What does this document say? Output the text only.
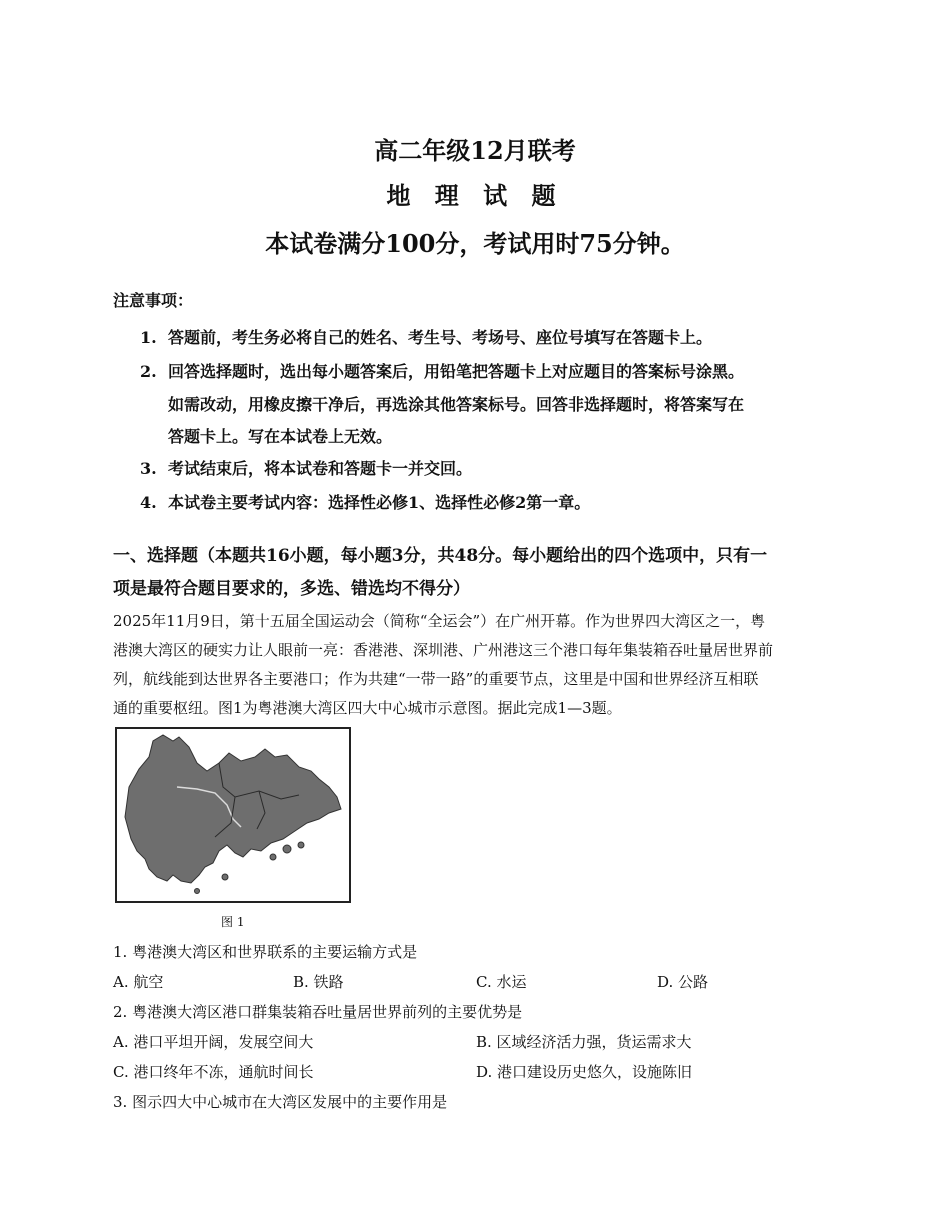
高二年级12月联考
地 理 试 题
本试卷满分100分，考试用时75分钟。
注意事项：
1. 答题前，考生务必将自己的姓名、考生号、考场号、座位号填写在答题卡上。
2. 回答选择题时，选出每小题答案后，用铅笔把答题卡上对应题目的答案标号涂黑。
如需改动，用橡皮擦干净后，再选涂其他答案标号。回答非选择题时，将答案写在
答题卡上。写在本试卷上无效。
3. 考试结束后，将本试卷和答题卡一并交回。
4. 本试卷主要考试内容：选择性必修1、选择性必修2第一章。
一、选择题（本题共16小题，每小题3分，共48分。每小题给出的四个选项中，只有一
项是最符合题目要求的，多选、错选均不得分）
2025年11月9日，第十五届全国运动会（简称“全运会”）在广州开幕。作为世界四大湾区之一，粤
港澳大湾区的硬实力让人眼前一亮：香港港、深圳港、广州港这三个港口每年集装箱吞吐量居世界前
列，航线能到达世界各主要港口；作为共建“一带一路”的重要节点，这里是中国和世界经济互相联
通的重要枢纽。图1为粤港澳大湾区四大中心城市示意图。据此完成1—3题。
图 1
1. 粤港澳大湾区和世界联系的主要运输方式是
A. 航空	B. 铁路	C. 水运	D. 公路
2. 粤港澳大湾区港口群集装箱吞吐量居世界前列的主要优势是
A. 港口平坦开阔，发展空间大	B. 区域经济活力强，货运需求大
C. 港口终年不冻，通航时间长	D. 港口建设历史悠久，设施陈旧
3. 图示四大中心城市在大湾区发展中的主要作用是
